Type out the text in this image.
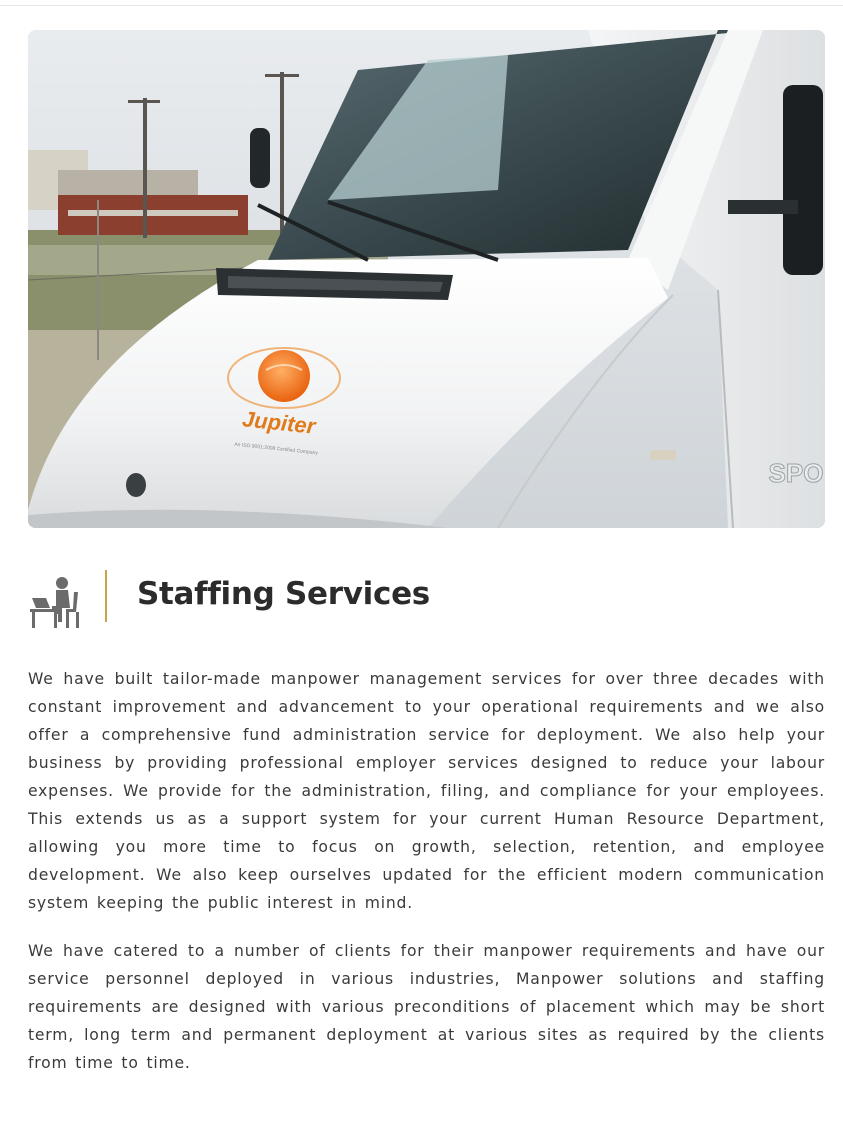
Jupiter
An ISO 9001:2008 Certified Company
SPO
Staffing Services

We have built tailor-made manpower management services for over three decades with constant improvement and advancement to your operational requirements and we also offer a comprehensive fund administration service for deployment. We also help your business by providing professional employer services designed to reduce your labour expenses. We provide for the administration, filing, and compliance for your employees. This extends us as a support system for your current Human Resource Department, allowing you more time to focus on growth, selection, retention, and employee development. We also keep ourselves updated for the efficient modern communication system keeping the public interest in mind.

We have catered to a number of clients for their manpower requirements and have our service personnel deployed in various industries, Manpower solutions and staffing requirements are designed with various preconditions of placement which may be short term, long term and permanent deployment at various sites as required by the clients from time to time.
